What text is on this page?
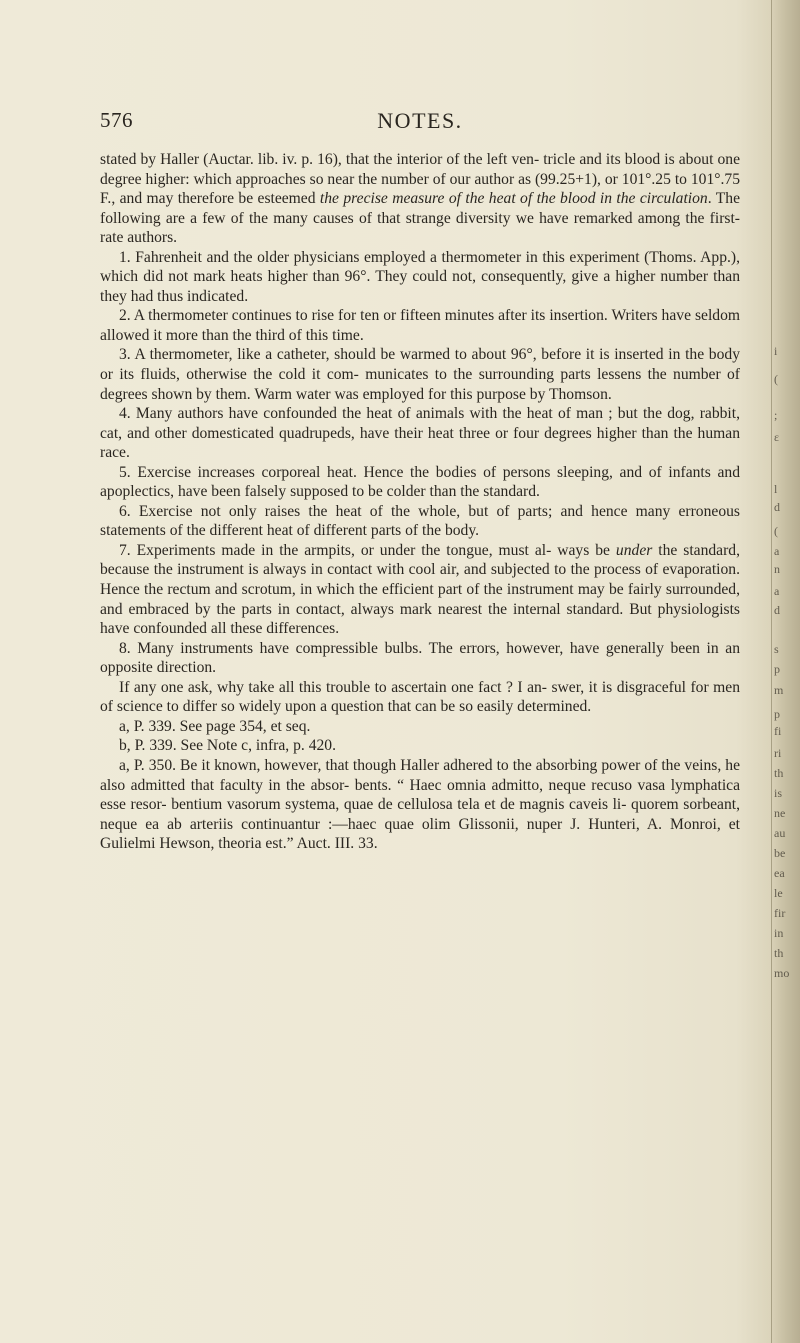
576	NOTES.

stated by Haller (Auctar. lib. iv. p. 16), that the interior of the left ven- tricle and its blood is about one degree higher: which approaches so near the number of our author as (99.25+1), or 101°.25 to 101°.75 F., and may therefore be esteemed the precise measure of the heat of the blood in the circulation. The following are a few of the many causes of that strange diversity we have remarked among the first-rate authors.

1. Fahrenheit and the older physicians employed a thermometer in this experiment (Thoms. App.), which did not mark heats higher than 96°. They could not, consequently, give a higher number than they had thus indicated.

2. A thermometer continues to rise for ten or fifteen minutes after its insertion. Writers have seldom allowed it more than the third of this time.

3. A thermometer, like a catheter, should be warmed to about 96°, before it is inserted in the body or its fluids, otherwise the cold it com- municates to the surrounding parts lessens the number of degrees shown by them. Warm water was employed for this purpose by Thomson.

4. Many authors have confounded the heat of animals with the heat of man ; but the dog, rabbit, cat, and other domesticated quadrupeds, have their heat three or four degrees higher than the human race.

5. Exercise increases corporeal heat. Hence the bodies of persons sleeping, and of infants and apoplectics, have been falsely supposed to be colder than the standard.

6. Exercise not only raises the heat of the whole, but of parts; and hence many erroneous statements of the different heat of different parts of the body.

7. Experiments made in the armpits, or under the tongue, must al- ways be under the standard, because the instrument is always in contact with cool air, and subjected to the process of evaporation. Hence the rectum and scrotum, in which the efficient part of the instrument may be fairly surrounded, and embraced by the parts in contact, always mark nearest the internal standard. But physiologists have confounded all these differences.

8. Many instruments have compressible bulbs. The errors, however, have generally been in an opposite direction.

If any one ask, why take all this trouble to ascertain one fact ? I an- swer, it is disgraceful for men of science to differ so widely upon a question that can be so easily determined.

a, P. 339. See page 354, et seq.

b, P. 339. See Note c, infra, p. 420.

a, P. 350. Be it known, however, that though Haller adhered to the absorbing power of the veins, he also admitted that faculty in the absor- bents. “ Haec omnia admitto, neque recuso vasa lymphatica esse resor- bentium vasorum systema, quae de cellulosa tela et de magnis caveis li- quorem sorbeant, neque ea ab arteriis continuantur :—haec quae olim Glissonii, nuper J. Hunteri, A. Monroi, et Gulielmi Hewson, theoria est.” Auct. III. 33.

i
(
;
ε
l
d
(
a
n
a
d
s
p
m
p
fi
ri
th
is
ne
au
be
ea
le
fir
in
th
mo
